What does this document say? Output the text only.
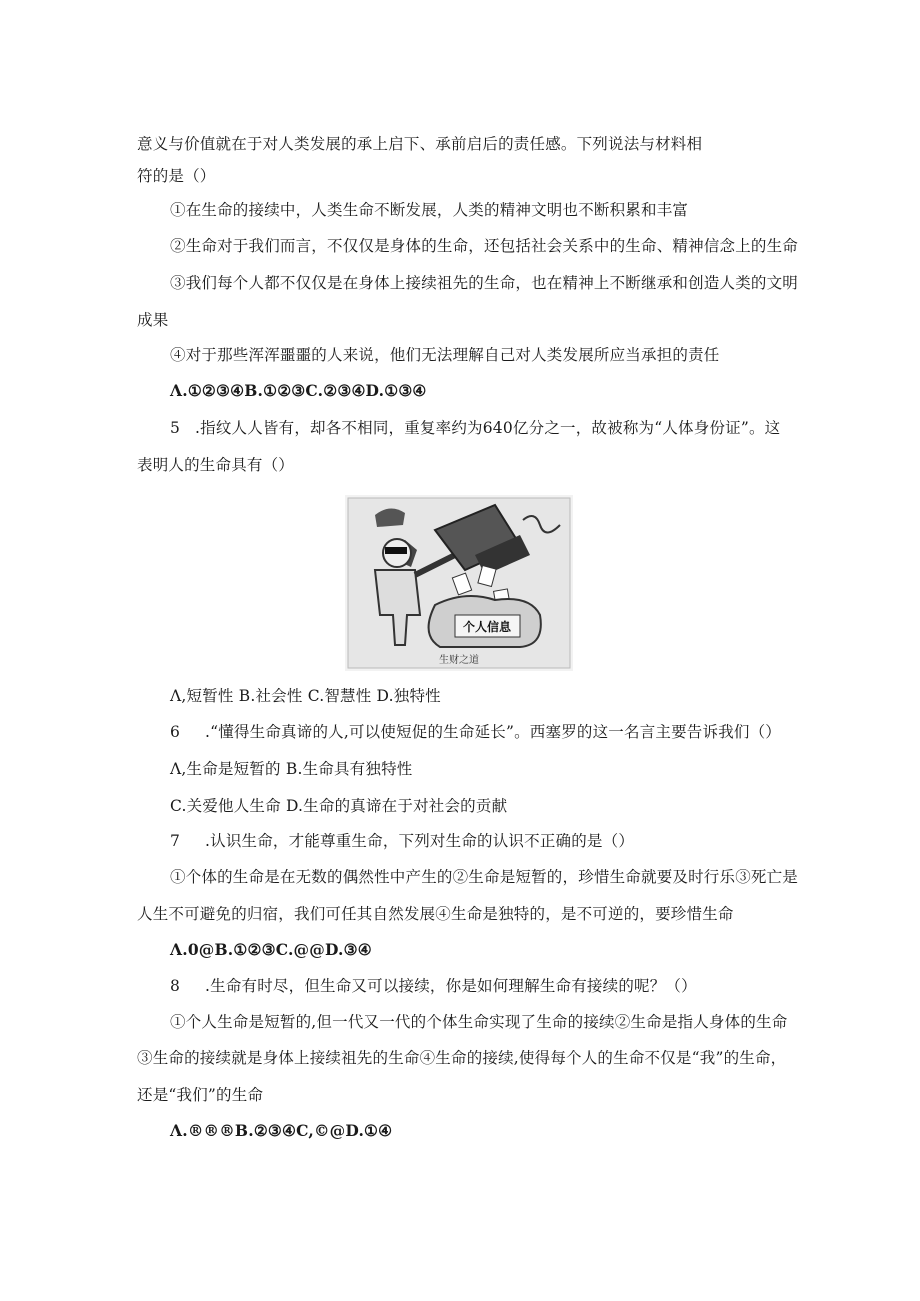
意义与价值就在于对人类发展的承上启下、承前启后的责任感。下列说法与材料相
符的是（）
①在生命的接续中，人类生命不断发展，人类的精神文明也不断积累和丰富
②生命对于我们而言，不仅仅是身体的生命，还包括社会关系中的生命、精神信念上的生命
③我们每个人都不仅仅是在身体上接续祖先的生命，也在精神上不断继承和创造人类的文明
成果
④对于那些浑浑噩噩的人来说，他们无法理解自己对人类发展所应当承担的责任
Λ.①②③④B.①②③C.②③④D.①③④
5 .指纹人人皆有，却各不相同，重复率约为640亿分之一，故被称为“人体身份证”。这
表明人的生命具有（）
个人信息
生财之道
Λ,短暂性 B.社会性 C.智慧性 D.独特性
6 .“懂得生命真谛的人,可以使短促的生命延长”。西塞罗的这一名言主要告诉我们（）
Λ,生命是短暂的 B.生命具有独特性
C.关爱他人生命 D.生命的真谛在于对社会的贡献
7 .认识生命，才能尊重生命，下列对生命的认识不正确的是（）
①个体的生命是在无数的偶然性中产生的②生命是短暂的，珍惜生命就要及时行乐③死亡是
人生不可避免的归宿，我们可任其自然发展④生命是独特的，是不可逆的，要珍惜生命
Λ.0@B.①②③C.@@D.③④
8 .生命有时尽，但生命又可以接续，你是如何理解生命有接续的呢？（）
①个人生命是短暂的,但一代又一代的个体生命实现了生命的接续②生命是指人身体的生命
③生命的接续就是身体上接续祖先的生命④生命的接续,使得每个人的生命不仅是“我”的生命，
还是“我们”的生命
Λ.®®®B.②③④C,©@D.①④
